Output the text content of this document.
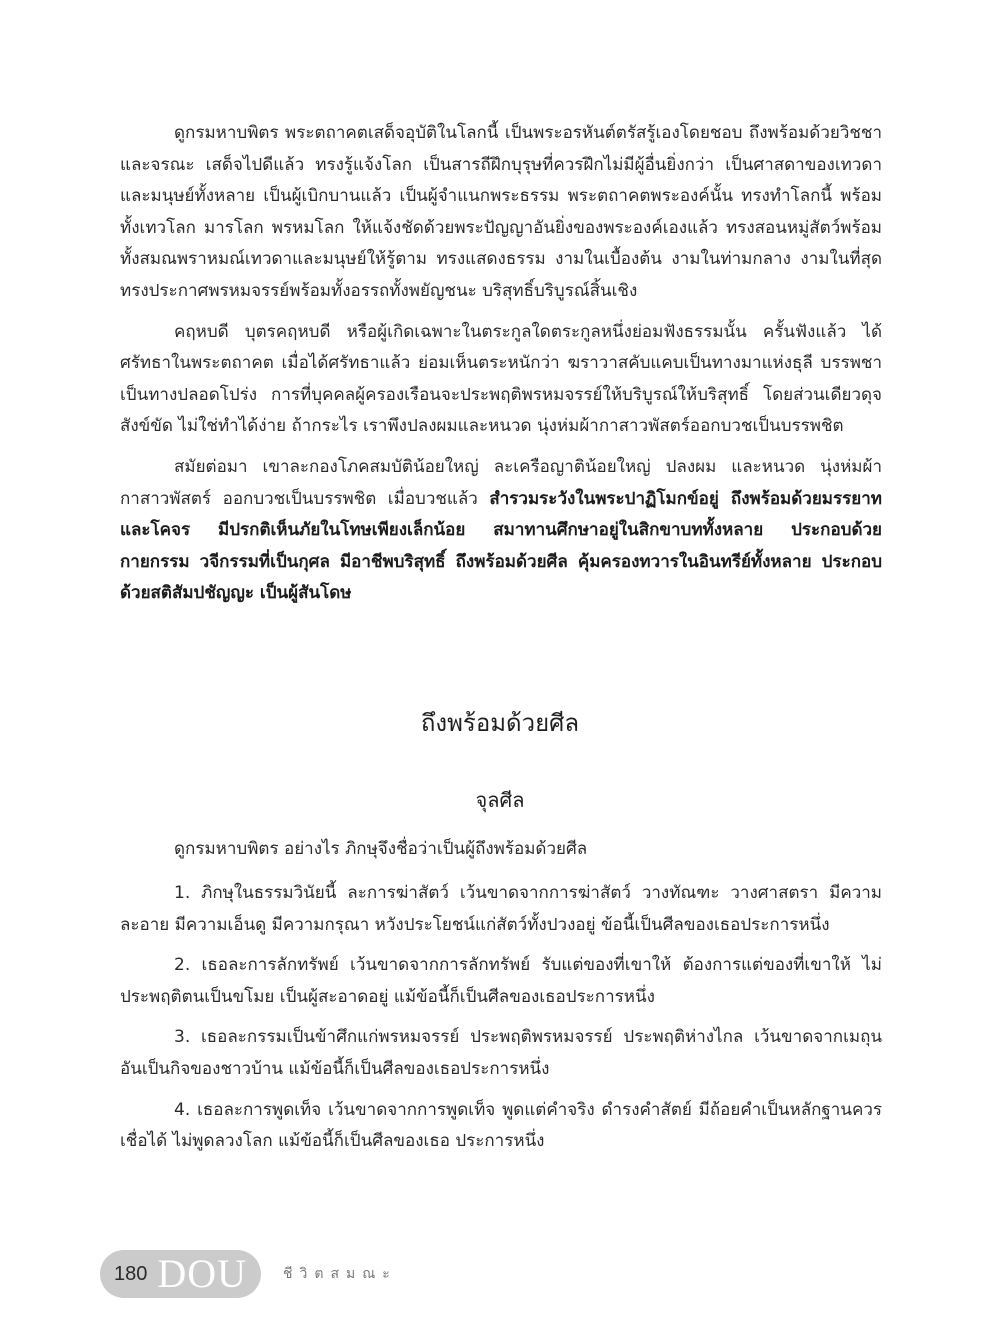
ดูกรมหาบพิตร พระตถาคตเสด็จอุบัติในโลกนี้ เป็นพระอรหันต์ตรัสรู้เองโดยชอบ ถึงพร้อมด้วยวิชชาและจรณะ เสด็จไปดีแล้ว ทรงรู้แจ้งโลก เป็นสารถีฝึกบุรุษที่ควรฝึกไม่มีผู้อื่นยิ่งกว่า เป็นศาสดาของเทวดาและมนุษย์ทั้งหลาย เป็นผู้เบิกบานแล้ว เป็นผู้จำแนกพระธรรม พระตถาคตพระองค์นั้น ทรงทำโลกนี้ พร้อมทั้งเทวโลก มารโลก พรหมโลก ให้แจ้งชัดด้วยพระปัญญาอันยิ่งของพระองค์เองแล้ว ทรงสอนหมู่สัตว์พร้อมทั้งสมณพราหมณ์เทวดาและมนุษย์ให้รู้ตาม ทรงแสดงธรรม งามในเบื้องต้น งามในท่ามกลาง งามในที่สุด ทรงประกาศพรหมจรรย์พร้อมทั้งอรรถทั้งพยัญชนะ บริสุทธิ์บริบูรณ์สิ้นเชิง

คฤหบดี บุตรคฤหบดี หรือผู้เกิดเฉพาะในตระกูลใดตระกูลหนึ่งย่อมฟังธรรมนั้น ครั้นฟังแล้ว ได้ศรัทธาในพระตถาคต เมื่อได้ศรัทธาแล้ว ย่อมเห็นตระหนักว่า ฆราวาสคับแคบเป็นทางมาแห่งธุลี บรรพชาเป็นทางปลอดโปร่ง การที่บุคคลผู้ครองเรือนจะประพฤติพรหมจรรย์ให้บริบูรณ์ให้บริสุทธิ์ โดยส่วนเดียวดุจสังข์ขัด ไม่ใช่ทำได้ง่าย ถ้ากระไร เราพึงปลงผมและหนวด นุ่งห่มผ้ากาสาวพัสตร์ออกบวชเป็นบรรพชิต

สมัยต่อมา เขาละกองโภคสมบัติน้อยใหญ่ ละเครือญาติน้อยใหญ่ ปลงผม และหนวด นุ่งห่มผ้ากาสาวพัสตร์ ออกบวชเป็นบรรพชิต เมื่อบวชแล้ว สำรวมระวังในพระปาฏิโมกข์อยู่ ถึงพร้อมด้วยมรรยาทและโคจร มีปรกติเห็นภัยในโทษเพียงเล็กน้อย สมาทานศึกษาอยู่ในสิกขาบททั้งหลาย ประกอบด้วยกายกรรม วจีกรรมที่เป็นกุศล มีอาชีพบริสุทธิ์ ถึงพร้อมด้วยศีล คุ้มครองทวารในอินทรีย์ทั้งหลาย ประกอบด้วยสติสัมปชัญญะ เป็นผู้สันโดษ

ถึงพร้อมด้วยศีล
จุลศีล

ดูกรมหาบพิตร อย่างไร ภิกษุจึงชื่อว่าเป็นผู้ถึงพร้อมด้วยศีล

1. ภิกษุในธรรมวินัยนี้ ละการฆ่าสัตว์ เว้นขาดจากการฆ่าสัตว์ วางทัณฑะ วางศาสตรา มีความละอาย มีความเอ็นดู มีความกรุณา หวังประโยชน์แก่สัตว์ทั้งปวงอยู่ ข้อนี้เป็นศีลของเธอประการหนึ่ง

2. เธอละการลักทรัพย์ เว้นขาดจากการลักทรัพย์ รับแต่ของที่เขาให้ ต้องการแต่ของที่เขาให้ ไม่ประพฤติตนเป็นขโมย เป็นผู้สะอาดอยู่ แม้ข้อนี้ก็เป็นศีลของเธอประการหนึ่ง

3. เธอละกรรมเป็นข้าศึกแก่พรหมจรรย์ ประพฤติพรหมจรรย์ ประพฤติห่างไกล เว้นขาดจากเมถุนอันเป็นกิจของชาวบ้าน แม้ข้อนี้ก็เป็นศีลของเธอประการหนึ่ง

4. เธอละการพูดเท็จ เว้นขาดจากการพูดเท็จ พูดแต่คำจริง ดำรงคำสัตย์ มีถ้อยคำเป็นหลักฐานควรเชื่อได้ ไม่พูดลวงโลก แม้ข้อนี้ก็เป็นศีลของเธอ ประการหนึ่ง

180 DOU	ชีวิตสมณะ
